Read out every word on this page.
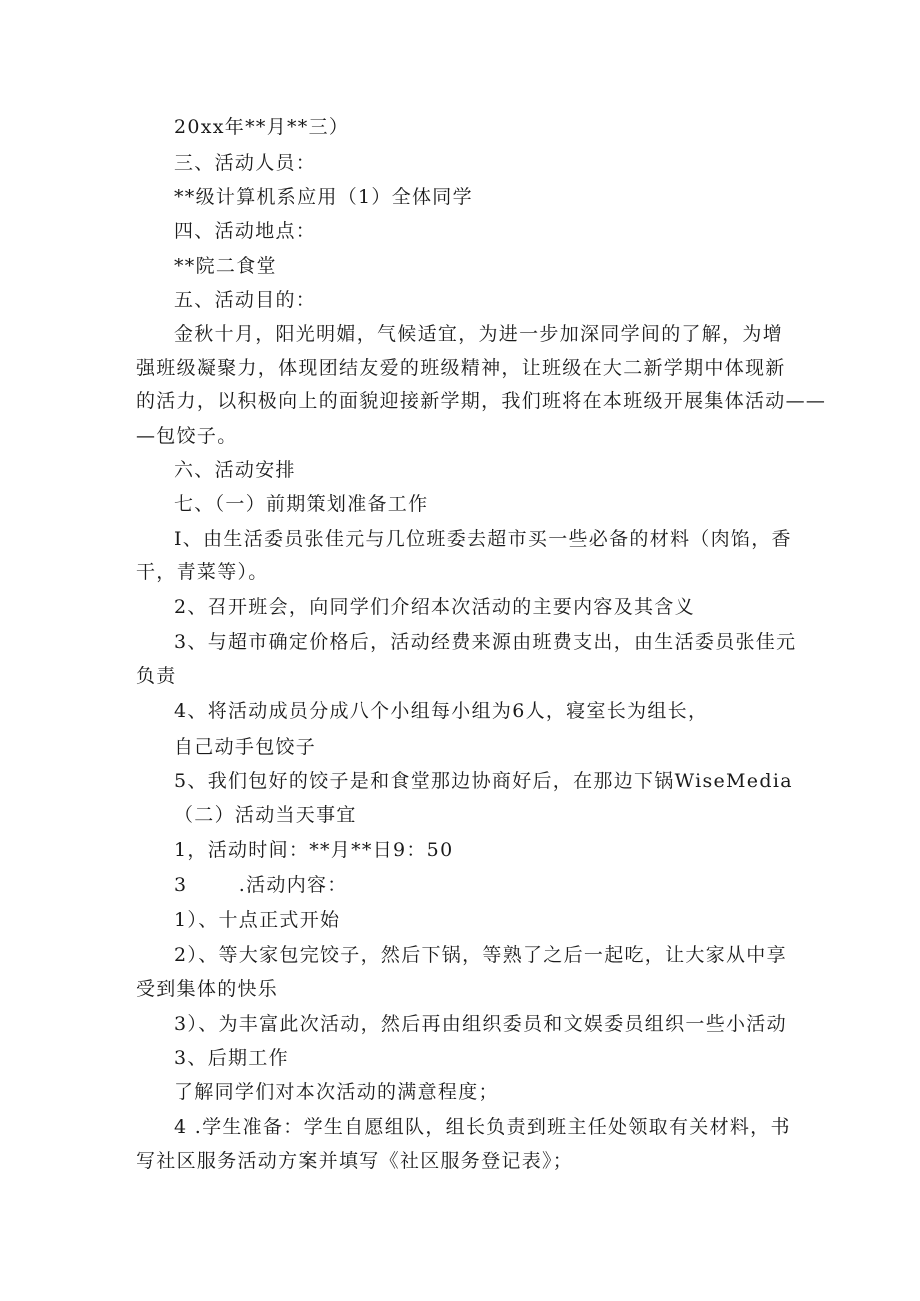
20xx年**月**三）

三、活动人员：

**级计算机系应用（1）全体同学

四、活动地点：

**院二食堂

五、活动目的：

金秋十月，阳光明媚，气候适宜，为进一步加深同学间的了解，为增

强班级凝聚力，体现团结友爱的班级精神，让班级在大二新学期中体现新

的活力，以积极向上的面貌迎接新学期，我们班将在本班级开展集体活动——

—包饺子。

六、活动安排

七、（一）前期策划准备工作

I、由生活委员张佳元与几位班委去超市买一些必备的材料（肉馅，香

干，青菜等）。

2、召开班会，向同学们介绍本次活动的主要内容及其含义

3、与超市确定价格后，活动经费来源由班费支出，由生活委员张佳元

负责

4、将活动成员分成八个小组每小组为6人，寝室长为组长，

自己动手包饺子

5、我们包好的饺子是和食堂那边协商好后，在那边下锅WiseMedia

（二）活动当天事宜

1，活动时间：**月**日9：50

3       .活动内容：

1）、十点正式开始

2）、等大家包完饺子，然后下锅，等熟了之后一起吃，让大家从中享

受到集体的快乐

3）、为丰富此次活动，然后再由组织委员和文娱委员组织一些小活动

3、后期工作

了解同学们对本次活动的满意程度；

4 .学生准备：学生自愿组队，组长负责到班主任处领取有关材料，书

写社区服务活动方案并填写《社区服务登记表》；
